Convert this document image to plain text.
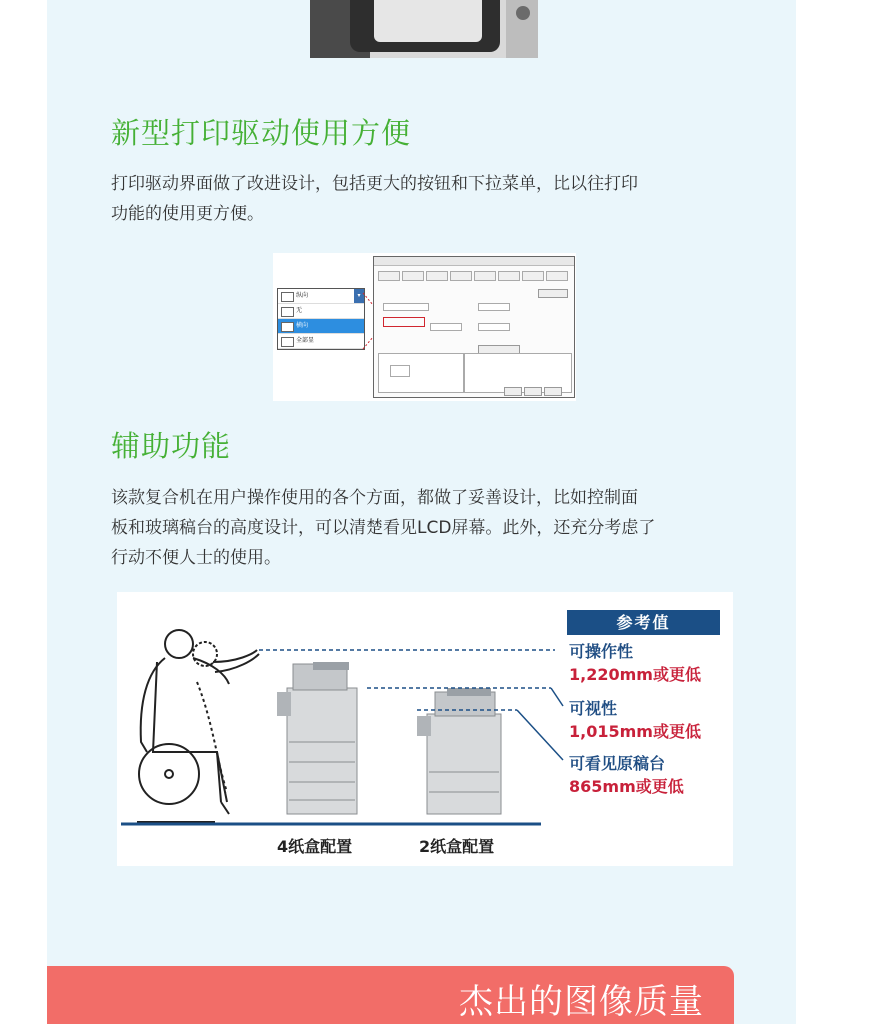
新型打印驱动使用方便
打印驱动界面做了改进设计，包括更大的按钮和下拉菜单，比以往打印
功能的使用更方便。
纵向	▾
无
横向
全部显
辅助功能
该款复合机在用户操作使用的各个方面，都做了妥善设计，比如控制面
板和玻璃稿台的高度设计，可以清楚看见LCD屏幕。此外，还充分考虑了
行动不便人士的使用。
参考值
可操作性
1,220mm或更低
可视性
1,015mm或更低
可看见原稿台
865mm或更低
4纸盒配置	2纸盒配置
杰出的图像质量
